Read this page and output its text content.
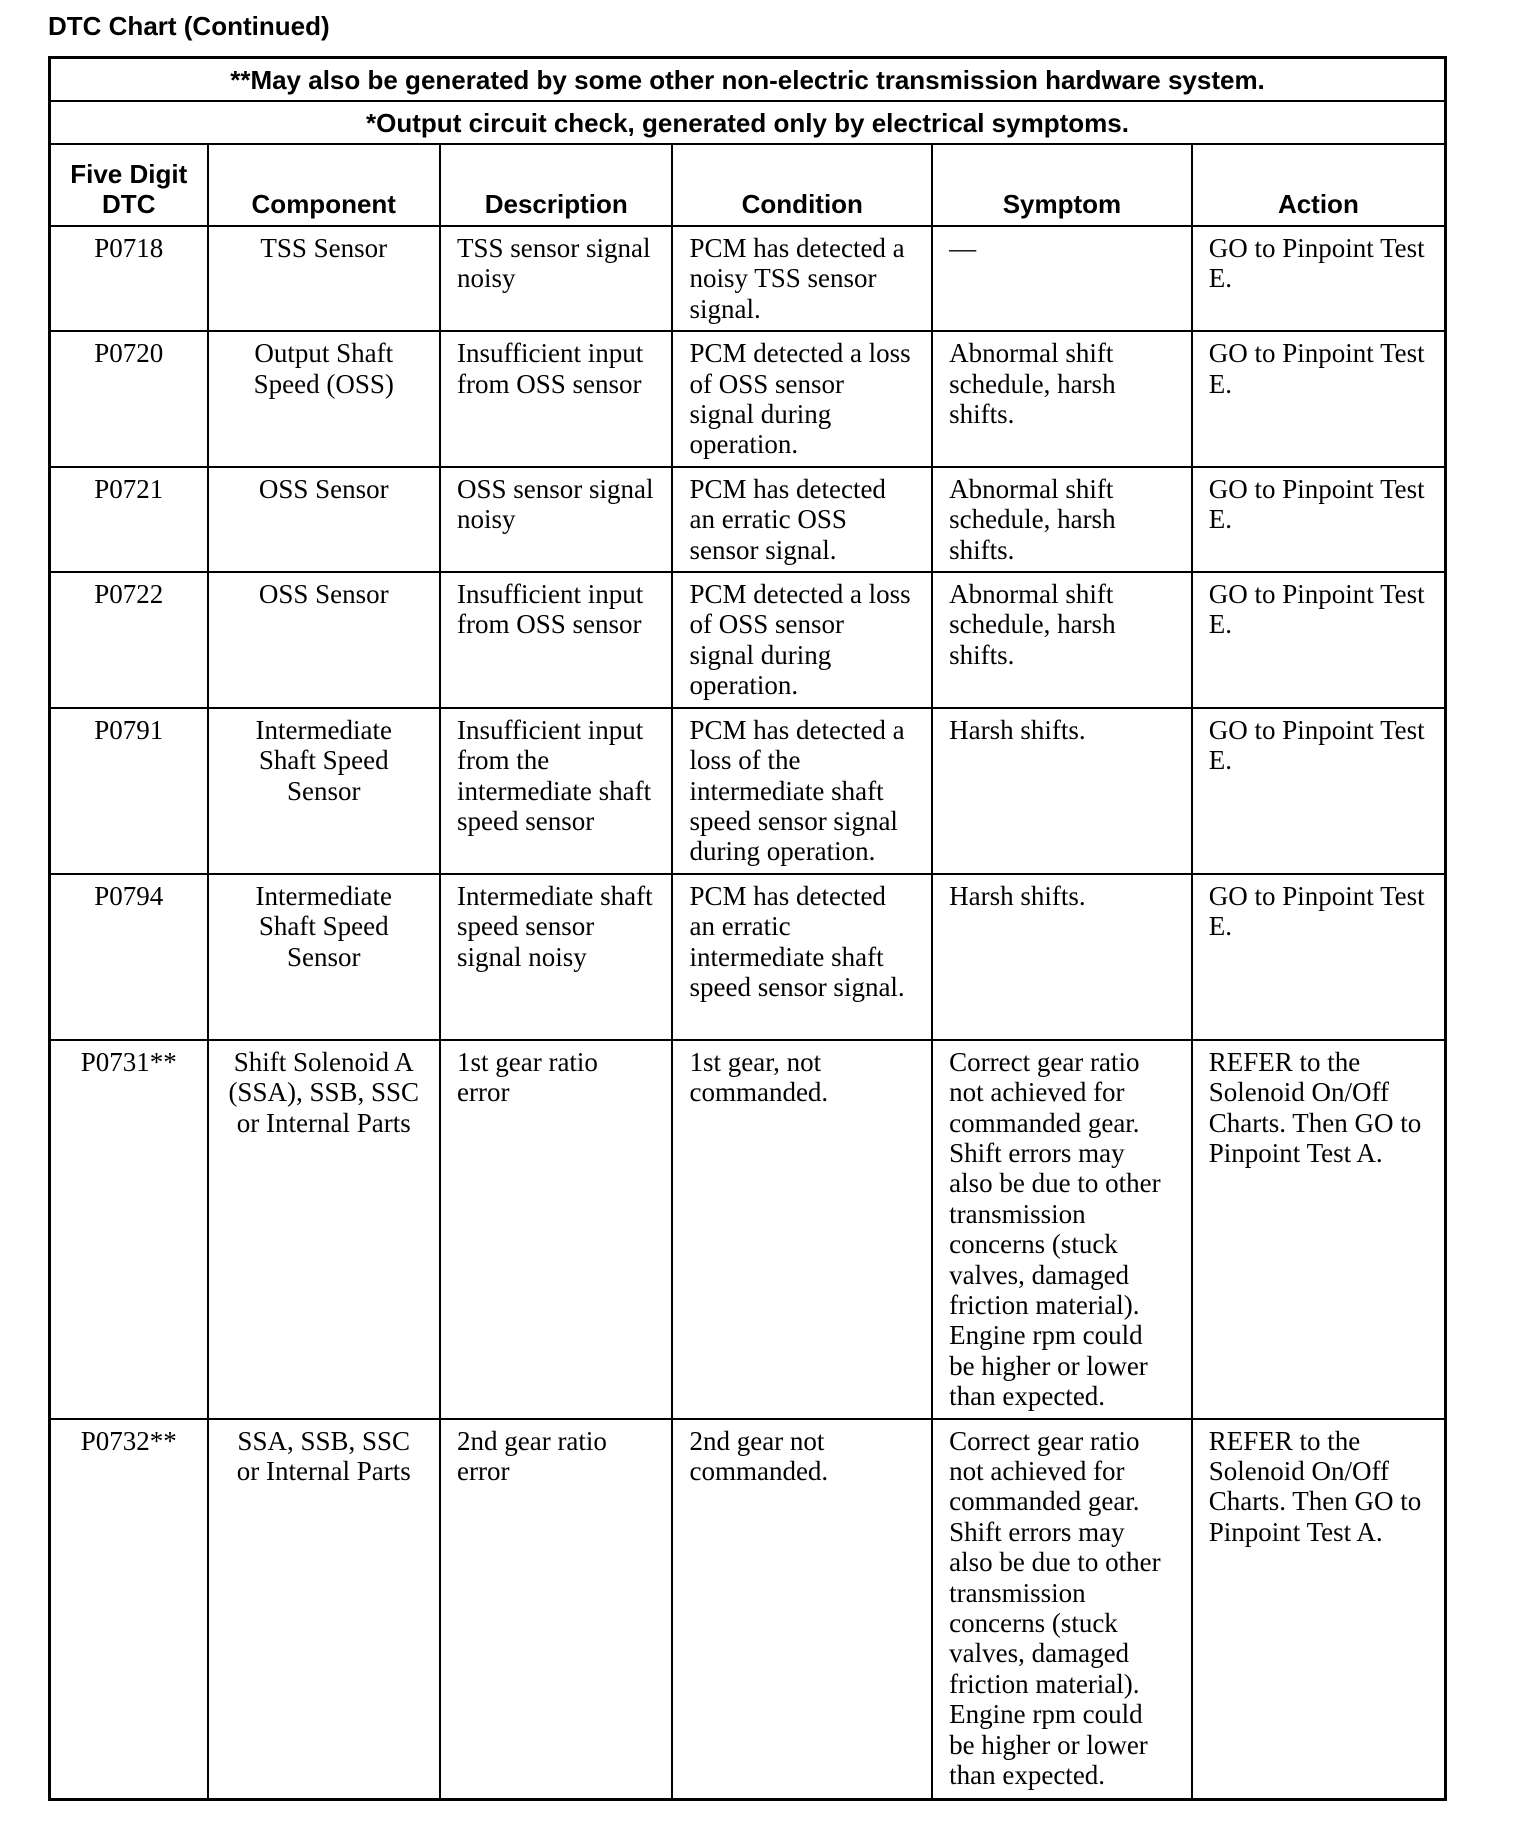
DTC Chart (Continued)
**May also be generated by some other non-electric transmission hardware system.					
*Output circuit check, generated only by electrical symptoms.					

Five Digit DTC	Component	Description	Condition	Symptom	Action
P0718	TSS Sensor	TSS sensor signal noisy	PCM has detected a noisy TSS sensor signal.	—	GO to Pinpoint Test E.
P0720	Output Shaft Speed (OSS)	Insufficient input from OSS sensor	PCM detected a loss of OSS sensor signal during operation.	Abnormal shift schedule, harsh shifts.	GO to Pinpoint Test E.
P0721	OSS Sensor	OSS sensor signal noisy	PCM has detected an erratic OSS sensor signal.	Abnormal shift schedule, harsh shifts.	GO to Pinpoint Test E.
P0722	OSS Sensor	Insufficient input from OSS sensor	PCM detected a loss of OSS sensor signal during operation.	Abnormal shift schedule, harsh shifts.	GO to Pinpoint Test E.
P0791	Intermediate Shaft Speed Sensor	Insufficient input from the intermediate shaft speed sensor	PCM has detected a loss of the intermediate shaft speed sensor signal during operation.	Harsh shifts.	GO to Pinpoint Test E.
P0794	Intermediate Shaft Speed Sensor	Intermediate shaft speed sensor signal noisy	PCM has detected an erratic intermediate shaft speed sensor signal.	Harsh shifts.	GO to Pinpoint Test E.
P0731**	Shift Solenoid A (SSA), SSB, SSC or Internal Parts	1st gear ratio error	1st gear, not commanded.	Correct gear ratio not achieved for commanded gear. Shift errors may also be due to other transmission concerns (stuck valves, damaged friction material). Engine rpm could be higher or lower than expected.	REFER to the Solenoid On/Off Charts. Then GO to Pinpoint Test A.
P0732**	SSA, SSB, SSC or Internal Parts	2nd gear ratio error	2nd gear not commanded.	Correct gear ratio not achieved for commanded gear. Shift errors may also be due to other transmission concerns (stuck valves, damaged friction material). Engine rpm could be higher or lower than expected.	REFER to the Solenoid On/Off Charts. Then GO to Pinpoint Test A.
